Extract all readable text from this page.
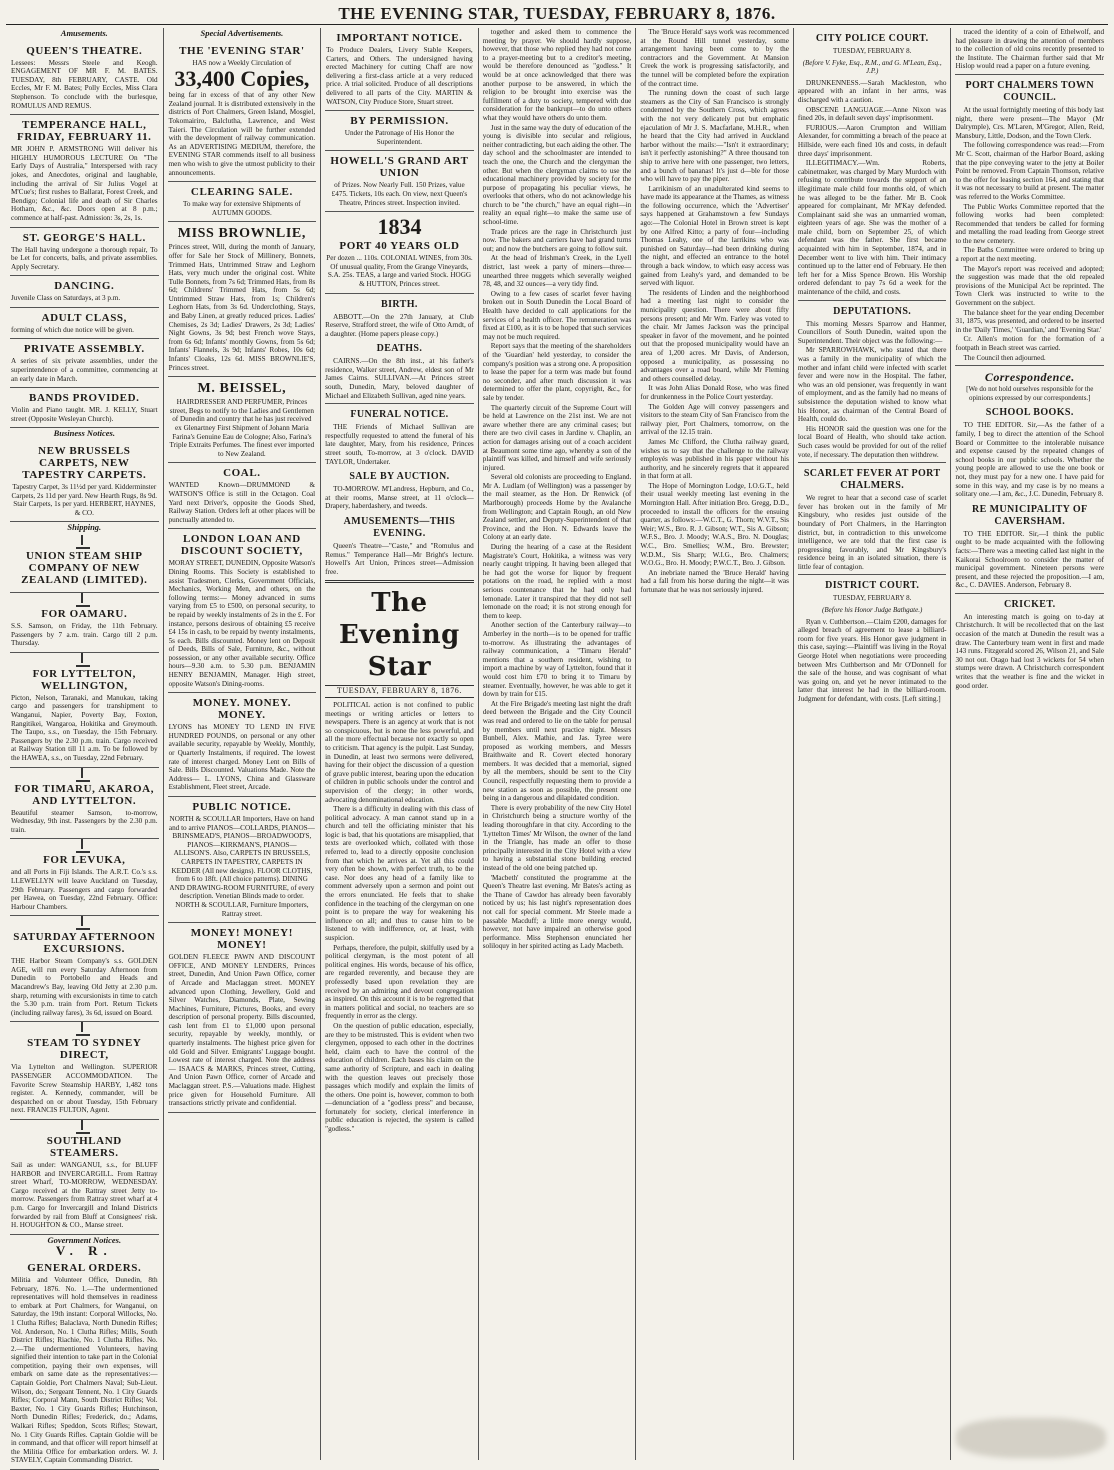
THE EVENING STAR, TUESDAY, FEBRUARY 8, 1876.
Amusements.
QUEEN'S THEATRE.
Lessees: Messrs Steele and Keogh. ENGAGEMENT OF MR F. M. BATES. TUESDAY, 8th FEBRUARY, CASTE. Old Eccles, Mr F. M. Bates; Polly Eccles, Miss Clara Stephenson. To conclude with the burlesque, ROMULUS AND REMUS.
TEMPERANCE HALL, FRIDAY, FEBRUARY 11.
MR JOHN P. ARMSTRONG Will deliver his HIGHLY HUMOROUS LECTURE On "The Early Days of Australia," Interspersed with racy jokes, and Anecdotes, original and laughable, including the arrival of Sir Julius Vogel at M'Cue's; first rushes to Ballarat, Forest Creek, and Bendigo; Colonial life and death of Sir Charles Hotham, &c., &c. Doors open at 8 p.m.; commence at half-past. Admission: 3s, 2s, 1s.
ST. GEORGE'S HALL.
The Hall having undergone a thorough repair, To be Let for concerts, balls, and private assemblies. Apply Secretary.
DANCING.
Juvenile Class on Saturdays, at 3 p.m.
ADULT CLASS,
forming of which due notice will be given.
PRIVATE ASSEMBLY.
A series of six private assemblies, under the superintendence of a committee, commencing at an early date in March.
BANDS PROVIDED.
Violin and Piano taught. MR. J. KELLY, Stuart street (Opposite Wesleyan Church).
Business Notices.
NEW BRUSSELS CARPETS, NEW TAPESTRY CARPETS.
Tapestry Carpet, 3s 11½d per yard. Kidderminster Carpets, 2s 11d per yard. New Hearth Rugs, 8s 9d. Stair Carpets, 1s per yard. HERBERT, HAYNES, & CO.
Shipping.
UNION STEAM SHIP COMPANY OF NEW ZEALAND (LIMITED).
FOR OAMARU.
S.S. Samson, on Friday, the 11th February. Passengers by 7 a.m. train. Cargo till 2 p.m. Thursday.
FOR LYTTELTON, WELLINGTON,
Picton, Nelson, Taranaki, and Manukau, taking cargo and passengers for transhipment to Wanganui, Napier, Poverty Bay, Foxton, Rangitikei, Wangaroa, Hokitika and Greymouth. The Taupo, s.s., on Tuesday, the 15th February. Passengers by the 2.30 p.m. train. Cargo received at Railway Station till 11 a.m. To be followed by the HAWEA, s.s., on Tuesday, 22nd February.
FOR TIMARU, AKAROA, AND LYTTELTON.
Beautiful steamer Samson, to-morrow, Wednesday, 9th inst. Passengers by the 2.30 p.m. train.
FOR LEVUKA,
and all Ports in Fiji Islands. The A.R.T. Co.'s s.s. LLEWELLYN will leave Auckland on Tuesday, 29th February. Passengers and cargo forwarded per Hawea, on Tuesday, 22nd February. Office: Harbour Chambers.
SATURDAY AFTERNOON EXCURSIONS.
THE Harbor Steam Company's s.s. GOLDEN AGE, will run every Saturday Afternoon from Dunedin to Portobello and Heads and Macandrew's Bay, leaving Old Jetty at 2.30 p.m. sharp, returning with excursionists in time to catch the 5.30 p.m. train from Port. Return Tickets (including railway fares), 3s 6d, issued on Board.
STEAM TO SYDNEY DIRECT,
Via Lyttelton and Wellington. SUPERIOR PASSENGER ACCOMMODATION. The Favorite Screw Steamship HARBY, 1,482 tons register. A. Kennedy, commander, will be despatched on or about Tuesday, 15th February next. FRANCIS FULTON, Agent.
SOUTHLAND STEAMERS.
Sail as under: WANGANUI, s.s., for BLUFF HARBOR and INVERCARGILL. From Rattray street Wharf, TO-MORROW, WEDNESDAY. Cargo received at the Rattray street Jetty to-morrow. Passengers from Rattray street wharf at 4 p.m. Cargo for Invercargill and Inland Districts forwarded by rail from Bluff at Consignees' risk. H. HOUGHTON & CO., Manse street.
Government Notices.
V. R.
GENERAL ORDERS.
Militia and Volunteer Office, Dunedin, 8th February, 1876. No. 1.—The undermentioned representatives will hold themselves in readiness to embark at Port Chalmers, for Wanganui, on Saturday, the 19th instant: Corporal Willocks, No. 1 Clutha Rifles; Balaclava, North Dunedin Rifles; Vol. Anderson, No. 1 Clutha Rifles; Mills, South District Rifles; Riachie, No. 1 Clutha Rifles. No. 2.—The undermentioned Volunteers, having signified their intention to take part in the Colonial competition, paying their own expenses, will embark on same date as the representatives:— Captain Goldie, Port Chalmers Naval; Sub-Lieut. Wilson, do.; Sergeant Tennent, No. 1 City Guards Rifles; Corporal Mann, South District Rifles; Vol. Baxter, No. 1 City Guards Rifles; Hutchinson, North Dunedin Rifles; Frederick, do.; Adams, Walkari Rifles; Speddon, Scots Rifles; Stewart, No. 1 City Guards Rifles. Captain Goldie will be in command, and that officer will report himself at the Militia Office for embarkation orders. W. J. STAVELY, Captain Commanding District.
Special Advertisements.
THE 'EVENING STAR'
HAS now a Weekly Circulation of
33,400 Copies,
being far in excess of that of any other New Zealand journal. It is distributed extensively in the districts of Port Chalmers, Green Island, Mosgiel, Tokomairiro, Balclutha, Lawrence, and West Taieri. The Circulation will be further extended with the development of railway communication. As an ADVERTISING MEDIUM, therefore, the EVENING STAR commends itself to all business men who wish to give the utmost publicity to their announcements.
CLEARING SALE.
To make way for extensive Shipments of AUTUMN GOODS.
MISS BROWNLIE,
Princes street, Will, during the month of January, offer for Sale her Stock of Millinery, Bonnets, Trimmed Hats, Untrimmed Straw and Leghorn Hats, very much under the original cost. White Tulle Bonnets, from 7s 6d; Trimmed Hats, from 8s 6d; Childrens' Trimmed Hats, from 5s 6d; Untrimmed Straw Hats, from 1s; Children's Leghorn Hats, from 3s 6d. Underclothing, Stays, and Baby Linen, at greatly reduced prices. Ladies' Chemises, 2s 3d; Ladies' Drawers, 2s 3d; Ladies' Night Gowns, 3s 9d; best French wove Stays, from 6s 6d; Infants' monthly Gowns, from 5s 6d; Infants' Flannels, 3s 9d; Infants' Robes, 10s 6d; Infants' Cloaks, 12s 6d. MISS BROWNLIE'S, Princes street.
M. BEISSEL,
HAIRDRESSER AND PERFUMER, Princes street, Begs to notify to the Ladies and Gentlemen of Dunedin and country that he has just received ex Glenartney First Shipment of Johann Maria Farina's Genuine Eau de Cologne; Also, Farina's Triple Extraits Perfumes. The finest ever imported to New Zealand.
COAL.
WANTED Known—DRUMMOND & WATSON'S Office is still in the Octagon. Coal Yard next Driver's, opposite the Goods Shed, Railway Station. Orders left at other places will be punctually attended to.
LONDON LOAN AND DISCOUNT SOCIETY,
MORAY STREET, DUNEDIN, Opposite Watson's Dining Rooms. This Society is established to assist Tradesmen, Clerks, Government Officials, Mechanics, Working Men, and others, on the following terms:— Money advanced in sums varying from £5 to £500, on personal security, to be repaid by weekly instalments of 2s in the £. For instance, persons desirous of obtaining £5 receive £4 15s in cash, to be repaid by twenty instalments, 5s each. Bills discounted. Money lent on Deposit of Deeds, Bills of Sale, Furniture, &c., without possession, or any other available security. Office hours—9.30 a.m. to 5.30 p.m. BENJAMIN HENRY BENJAMIN, Manager. High street, opposite Watson's Dining-rooms.
MONEY. MONEY. MONEY.
LYONS has MONEY TO LEND IN FIVE HUNDRED POUNDS, on personal or any other available security, repayable by Weekly, Monthly, or Quarterly Instalments, if required. The lowest rate of interest charged. Money Lent on Bills of Sale. Bills Discounted. Valuations Made. Note the Address— L. LYONS, China and Glassware Establishment, Fleet street, Arcade.
PUBLIC NOTICE.
NORTH & SCOULLAR Importers, Have on hand and to arrive PIANOS—COLLARDS, PIANOS—BRINSMEAD'S, PIANOS—BROADWOOD'S, PIANOS—KIRKMAN'S, PIANOS—ALLISON'S. Also, CARPETS IN BRUSSELS, CARPETS IN TAPESTRY, CARPETS IN KEDDER (All new designs). FLOOR CLOTHS, from 6 to 18ft. (All choice patterns). DINING AND DRAWING-ROOM FURNITURE, of every description. Venetian Blinds made to order. NORTH & SCOULLAR, Furniture Importers, Rattray street.
MONEY! MONEY! MONEY!
GOLDEN FLEECE PAWN AND DISCOUNT OFFICE, AND MONEY LENDERS, Princes street, Dunedin, And Union Pawn Office, corner of Arcade and Maclaggan street. MONEY advanced upon Clothing, Jewellery, Gold and Silver Watches, Diamonds, Plate, Sewing Machines, Furniture, Pictures, Books, and every description of personal property. Bills discounted, cash lent from £1 to £1,000 upon personal security, repayable by weekly, monthly, or quarterly instalments. The highest price given for old Gold and Silver. Emigrants' Luggage bought. Lowest rate of interest charged. Note the address— ISAACS & MARKS, Princes street, Cutting, And Union Pawn Office, corner of Arcade and Maclaggan street. P.S.—Valuations made. Highest price given for Household Furniture. All transactions strictly private and confidential.
IMPORTANT NOTICE.
To Produce Dealers, Livery Stable Keepers, Carters, and Others. The undersigned having erected Machinery for cutting Chaff are now delivering a first-class article at a very reduced price. A trial solicited. Produce of all descriptions delivered to all parts of the City. MARTIN & WATSON, City Produce Store, Stuart street.
BY PERMISSION.
Under the Patronage of His Honor the Superintendent.
HOWELL'S GRAND ART UNION
of Prizes. Now Nearly Full. 150 Prizes, value £475. Tickets, 10s each. On view, next Queen's Theatre, Princes street. Inspection invited.
1834
PORT 40 YEARS OLD
Per dozen ... 110s. COLONIAL WINES, from 30s. Of unusual quality, From the Grange Vineyards, S.A. 25s. TEAS, a large and varied Stock. HOGG & HUTTON, Princes street.
BIRTH.
ABBOTT.—On the 27th January, at Club Reserve, Strafford street, the wife of Otto Arndt, of a daughter. (Home papers please copy.)
DEATHS.
CAIRNS.—On the 8th inst., at his father's residence, Walker street, Andrew, eldest son of Mr James Cairns. SULLIVAN.—At Princes street south, Dunedin, Mary, beloved daughter of Michael and Elizabeth Sullivan, aged nine years.
FUNERAL NOTICE.
THE Friends of Michael Sullivan are respectfully requested to attend the funeral of his late daughter, Mary, from his residence, Princes street south, To-morrow, at 3 o'clock. DAVID TAYLOR, Undertaker.
SALE BY AUCTION.
TO-MORROW. M'Landress, Hepburn, and Co., at their rooms, Manse street, at 11 o'clock—Drapery, haberdashery, and tweeds.
AMUSEMENTS—THIS EVENING.
Queen's Theatre—"Caste," and "Romulus and Remus." Temperance Hall—Mr Bright's lecture. Howell's Art Union, Princes street—Admission free.
The Evening Star
TUESDAY, FEBRUARY 8, 1876.
POLITICAL action is not confined to public meetings or writing articles or letters to newspapers. There is an agency at work that is not so conspicuous, but is none the less powerful, and all the more effectual because not exactly so open to criticism. That agency is the pulpit. Last Sunday, in Dunedin, at least two sermons were delivered, having for their object the discussion of a question of grave public interest, bearing upon the education of children in public schools under the control and supervision of the clergy; in other words, advocating denominational education.
There is a difficulty in dealing with this class of political advocacy. A man cannot stand up in a church and tell the officiating minister that his logic is bad, that his quotations are misapplied, that texts are overlooked which, collated with those referred to, lead to a directly opposite conclusion from that which he arrives at. Yet all this could very often be shown, with perfect truth, to be the case. Nor does any head of a family like to comment adversely upon a sermon and point out the errors enunciated. He feels that to shake confidence in the teaching of the clergyman on one point is to prepare the way for weakening his influence on all; and thus to cause him to be listened to with indifference, or, at least, with suspicion.
Perhaps, therefore, the pulpit, skilfully used by a political clergyman, is the most potent of all political engines. His words, because of his office, are regarded reverently, and because they are professedly based upon revelation they are received by an admiring and devout congregation as inspired. On this account it is to be regretted that in matters political and social, no teachers are so frequently in error as the clergy.
On the question of public education, especially, are they to be mistrusted. This is evident when two clergymen, opposed to each other in the doctrines held, claim each to have the control of the education of children. Each bases his claim on the same authority of Scripture, and each in dealing with the question leaves out precisely those passages which modify and explain the limits of the others. One point is, however, common to both—denunciation of a "godless press" and because, fortunately for society, clerical interference in public education is rejected, the system is called "godless."
together and asked them to commence the meeting by prayer. We should hardly suppose, however, that those who replied they had not come to a prayer-meeting but to a creditor's meeting, would be therefore denounced as "godless." It would be at once acknowledged that there was another purpose to be answered, in which the religion to be brought into exercise was the fulfilment of a duty to society, tempered with due consideration for the bankrupt—to do unto others what they would have others do unto them.
Just in the same way the duty of education of the young is divisible into secular and religious, neither contradicting, but each aiding the other. The day school and the schoolmaster are intended to teach the one, the Church and the clergyman the other. But when the clergyman claims to use the educational machinery provided by society for the purpose of propagating his peculiar views, he overlooks that others, who do not acknowledge his church to be "the church," have an equal right—in reality an equal right—to make the same use of school-time.
Trade prices are the rage in Christchurch just now. The bakers and carriers have had grand turns out; and now the butchers are going to follow suit.
At the head of Irishman's Creek, in the Lyell district, last week a party of miners—three—unearthed three nuggets which severally weighed 78, 48, and 32 ounces—a very tidy find.
Owing to a few cases of scarlet fever having broken out in South Dunedin the Local Board of Health have decided to call applications for the services of a health officer. The remuneration was fixed at £100, as it is to be hoped that such services may not be much required.
Report says that the meeting of the shareholders of the 'Guardian' held yesterday, to consider the company's position was a strong one. A proposition to lease the paper for a term was made but found no seconder, and after much discussion it was determined to offer the plant, copyright, &c., for sale by tender.
The quarterly circuit of the Supreme Court will be held at Lawrence on the 21st inst. We are not aware whether there are any criminal cases; but there are two civil cases in Jardine v. Chaplin, an action for damages arising out of a coach accident at Beaumont some time ago, whereby a son of the plaintiff was killed, and himself and wife seriously injured.
Several old colonists are proceeding to England. Mr A. Ludlam (of Wellington) was a passenger by the mail steamer, as the Hon. Dr Renwick (of Marlborough) proceeds Home by the Avalanche from Wellington; and Captain Rough, an old New Zealand settler, and Deputy-Superintendent of that Province, and the Hon. N. Edwards leave the Colony at an early date.
During the hearing of a case at the Resident Magistrate's Court, Hokitika, a witness was very nearly caught tripping. It having been alleged that he had got the worse for liquor by frequent potations on the road, he replied with a most serious countenance that he had only had lemonade. Later it transpired that they did not sell lemonade on the road; it is not strong enough for them to keep.
Another section of the Canterbury railway—to Amberley in the north—is to be opened for traffic to-morrow. As illustrating the advantages of railway communication, a "Timaru Herald" mentions that a southern resident, wishing to import a machine by way of Lyttelton, found that it would cost him £70 to bring it to Timaru by steamer. Eventually, however, he was able to get it down by train for £15.
At the Fire Brigade's meeting last night the draft deed between the Brigade and the City Council was read and ordered to lie on the table for perusal by members until next practice night. Messrs Bunbell, Alex. Mathie, and Jas. Tyree were proposed as working members, and Messrs Braithwaite and R. Covert elected honorary members. It was decided that a memorial, signed by all the members, should be sent to the City Council, respectfully requesting them to provide a new station as soon as possible, the present one being in a dangerous and dilapidated condition.
There is every probability of the new City Hotel in Christchurch being a structure worthy of the leading thoroughfare in that city. According to the 'Lyttelton Times' Mr Wilson, the owner of the land in the Triangle, has made an offer to those principally interested in the City Hotel with a view to having a substantial stone building erected instead of the old one being patched up.
'Macbeth' constituted the programme at the Queen's Theatre last evening. Mr Bates's acting as the Thane of Cawdor has already been favorably noticed by us; his last night's representation does not call for special comment. Mr Steele made a passable Macduff; a little more energy would, however, not have impaired an otherwise good performance. Miss Stephenson enunciated her soliloquy in her spirited acting as Lady Macbeth.
The 'Bruce Herald' says work was recommenced at the Round Hill tunnel yesterday, some arrangement having been come to by the contractors and the Government. At Mansion Creek the work is progressing satisfactorily, and the tunnel will be completed before the expiration of the contract time.
The running down the coast of such large steamers as the City of San Francisco is strongly condemned by the Southern Cross, which agrees with the not very delicately put but emphatic ejaculation of Mr J. S. Macfarlane, M.H.R., when he heard that the City had arrived in Auckland harbor without the mails:—"Isn't it extraordinary; isn't it perfectly astonishing?" A three thousand ton ship to arrive here with one passenger, two letters, and a bunch of bananas! It's just d—ble for those who will have to pay the piper.
Larrikinism of an unadulterated kind seems to have made its appearance at the Thames, as witness the following occurrence, which the 'Advertiser' says happened at Grahamstown a few Sundays ago:—The Colonial Hotel in Brown street is kept by one Alfred Kitto; a party of four—including Thomas Leahy, one of the larrikins who was punished on Saturday—had been drinking during the night, and effected an entrance to the hotel through a back window, to which easy access was gained from Leahy's yard, and demanded to be served with liquor.
The residents of Linden and the neighborhood had a meeting last night to consider the municipality question. There were about fifty persons present; and Mr Wm. Farley was voted to the chair. Mr James Jackson was the principal speaker in favor of the movement, and he pointed out that the proposed municipality would have an area of 1,200 acres. Mr Davis, of Anderson, opposed a municipality, as possessing no advantages over a road board, while Mr Fleming and others counselled delay.
It was John Alias Donald Rose, who was fined for drunkenness in the Police Court yesterday.
The Golden Age will convey passengers and visitors to the steam City of San Francisco from the railway pier, Port Chalmers, tomorrow, on the arrival of the 12.15 train.
James Mc Clifford, the Clutha railway guard, wishes us to say that the challenge to the railway employés was published in his paper without his authority, and he sincerely regrets that it appeared in that form at all.
The Hope of Mornington Lodge, I.O.G.T., held their usual weekly meeting last evening in the Mornington Hall. After initiation Bro. Gregg, D.D., proceeded to install the officers for the ensuing quarter, as follows:—W.C.T., G. Thorn; W.V.T., Sis Weir; W.S., Bro. R. J. Gibson; W.T., Sis A. Gibson; W.F.S., Bro. J. Moody; W.A.S., Bro. N. Douglas; W.C., Bro. Smellies; W.M., Bro. Brewster; W.D.M., Sis Sharp; W.I.G., Bro. Chalmers; W.O.G., Bro. H. Moody; P.W.C.T., Bro. J. Gibson.
An inebriate named the 'Bruce Herald' having had a fall from his horse during the night—it was fortunate that he was not seriously injured.
CITY POLICE COURT.
TUESDAY, FEBRUARY 8.
(Before V. Fyke, Esq., R.M., and G. M'Lean, Esq., J.P.)
DRUNKENNESS.—Sarah Mackleston, who appeared with an infant in her arms, was discharged with a caution.
OBSCENE LANGUAGE.—Anne Nixon was fined 20s, in default seven days' imprisonment.
FURIOUS.—Aaron Crumpton and William Alexander, for committing a breach of the peace at Hillside, were each fined 10s and costs, in default three days' imprisonment.
ILLEGITIMACY.—Wm. Roberts, cabinetmaker, was charged by Mary Murdoch with refusing to contribute towards the support of an illegitimate male child four months old, of which he was alleged to be the father. Mr B. Cook appeared for complainant, Mr M'Kay defended. Complainant said she was an unmarried woman, eighteen years of age. She was the mother of a male child, born on September 25, of which defendant was the father. She first became acquainted with him in September, 1874, and in December went to live with him. Their intimacy continued up to the latter end of February. He then left her for a Miss Spence Brown. His Worship ordered defendant to pay 7s 6d a week for the maintenance of the child, and costs.
DEPUTATIONS.
This morning Messrs Sparrow and Hanmer, Councillors of South Dunedin, waited upon the Superintendent. Their object was the following:—
Mr SPARROWHAWK, who stated that there was a family in the municipality of which the mother and infant child were infected with scarlet fever and were now in the Hospital. The father, who was an old pensioner, was frequently in want of employment, and as the family had no means of subsistence the deputation wished to know what his Honor, as chairman of the Central Board of Health, could do.
His HONOR said the question was one for the local Board of Health, who should take action. Such cases would be provided for out of the relief vote, if necessary. The deputation then withdrew.
SCARLET FEVER AT PORT CHALMERS.
We regret to hear that a second case of scarlet fever has broken out in the family of Mr Kingsbury, who resides just outside of the boundary of Port Chalmers, in the Harrington district, but, in contradiction to this unwelcome intelligence, we are told that the first case is progressing favorably, and Mr Kingsbury's residence being in an isolated situation, there is little fear of contagion.
DISTRICT COURT.
TUESDAY, FEBRUARY 8.
(Before his Honor Judge Bathgate.)
Ryan v. Cuthbertson.—Claim £200, damages for alleged breach of agreement to lease a billiard-room for five years. His Honor gave judgment in this case, saying:—Plaintiff was living in the Royal George Hotel when negotiations were proceeding between Mrs Cuthbertson and Mr O'Donnell for the sale of the house, and was cognisant of what was going on, and yet he never intimated to the latter that interest he had in the billiard-room. Judgment for defendant, with costs. [Left sitting.]
traced the identity of a coin of Ethelwolf, and had pleasure in drawing the attention of members to the collection of old coins recently presented to the Institute. The Chairman further said that Mr Hislop would read a paper on a future evening.
PORT CHALMERS TOWN COUNCIL.
At the usual fortnightly meeting of this body last night, there were present—The Mayor (Mr Dalrymple), Crs. M'Laren, M'Gregor, Allen, Reid, Mansbury, Little, Dodson, and the Town Clerk.
The following correspondence was read:—From Mr C. Scott, chairman of the Harbor Board, asking that the pipe conveying water to the jetty at Boiler Point be removed. From Captain Thomson, relative to the offer for leasing section 164, and stating that it was not necessary to build at present. The matter was referred to the Works Committee.
The Public Works Committee reported that the following works had been completed: Recommended that tenders be called for forming and metalling the road leading from George street to the new cemetery.
The Baths Committee were ordered to bring up a report at the next meeting.
The Mayor's report was received and adopted; the suggestion was made that the old repealed provisions of the Municipal Act be reprinted. The Town Clerk was instructed to write to the Government on the subject.
The balance sheet for the year ending December 31, 1875, was presented, and ordered to be inserted in the 'Daily Times,' 'Guardian,' and 'Evening Star.'
Cr. Allen's motion for the formation of a footpath in Beach street was carried.
The Council then adjourned.
Correspondence.
[We do not hold ourselves responsible for the opinions expressed by our correspondents.]
SCHOOL BOOKS.
TO THE EDITOR. Sir,—As the father of a family, I beg to direct the attention of the School Board or Committee to the intolerable nuisance and expense caused by the repeated changes of school books in our public schools. Whether the young people are allowed to use the one book or not, they must pay for a new one. I have paid for some in this way, and my case is by no means a solitary one.—I am, &c., J.C. Dunedin, February 8.
RE MUNICIPALITY OF CAVERSHAM.
TO THE EDITOR. Sir,—I think the public ought to be made acquainted with the following facts:—There was a meeting called last night in the Kaikorai Schoolroom to consider the matter of municipal government. Nineteen persons were present, and these rejected the proposition.—I am, &c., C. DAVIES. Anderson, February 8.
CRICKET.
An interesting match is going on to-day at Christchurch. It will be recollected that on the last occasion of the match at Dunedin the result was a draw. The Canterbury team went in first and made 143 runs. Fitzgerald scored 26, Wilson 21, and Sale 30 not out. Otago had lost 3 wickets for 54 when stumps were drawn. A Christchurch correspondent writes that the weather is fine and the wicket in good order.
